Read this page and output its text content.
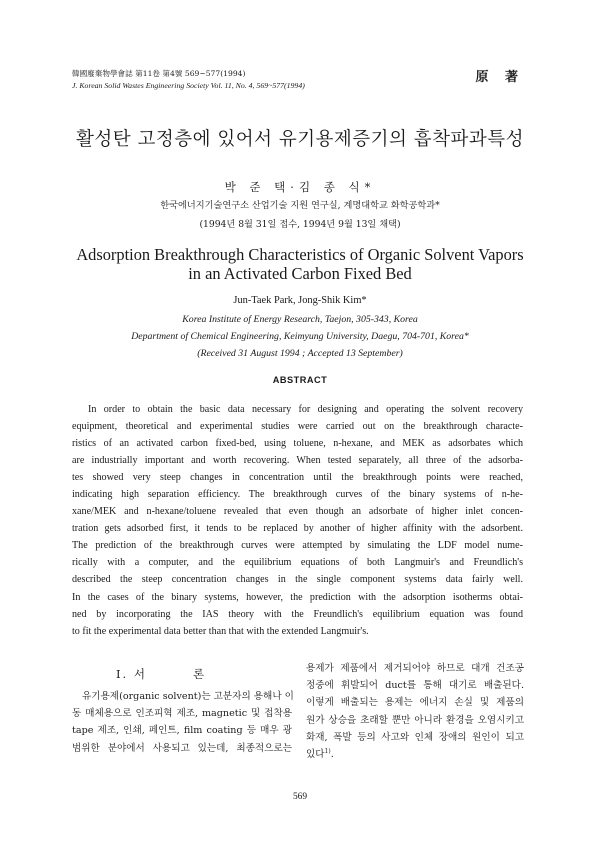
韓國廢棄物學會誌 第11卷 第4號 569~577(1994)
J. Korean Solid Wastes Engineering Society Vol. 11, No. 4, 569~577(1994)
原 著
활성탄 고정층에 있어서 유기용제증기의 흡착파과특성
박 준 택·김 종 식*
한국에너지기술연구소 산업기술 지원 연구실, 계명대학교 화학공학과*
(1994년 8월 31일 접수, 1994년 9월 13일 채택)
Adsorption Breakthrough Characteristics of Organic Solvent Vapors
in an Activated Carbon Fixed Bed
Jun-Taek Park, Jong-Shik Kim*
Korea Institute of Energy Research, Taejon, 305-343, Korea
Department of Chemical Engineering, Keimyung University, Daegu, 704-701, Korea*
(Received 31 August 1994 ; Accepted 13 September)
ABSTRACT
In order to obtain the basic data necessary for designing and operating the solvent recovery
equipment, theoretical and experimental studies were carried out on the breakthrough characte-
ristics of an activated carbon fixed-bed, using toluene, n-hexane, and MEK as adsorbates which
are industrially important and worth recovering. When tested separately, all three of the adsorba-
tes showed very steep changes in concentration until the breakthrough points were reached,
indicating high separation efficiency. The breakthrough curves of the binary systems of n-he-
xane/MEK and n-hexane/toluene revealed that even though an adsorbate of higher inlet concen-
tration gets adsorbed first, it tends to be replaced by another of higher affinity with the adsorbent.
The prediction of the breakthrough curves were attempted by simulating the LDF model nume-
rically with a computer, and the equilibrium equations of both Langmuir's and Freundlich's
described the steep concentration changes in the single component systems data fairly well.
In the cases of the binary systems, however, the prediction with the adsorption isotherms obtai-
ned by incorporating the IAS theory with the Freundlich's equilibrium equation was found
to fit the experimental data better than that with the extended Langmuir's.
I. 서	론
유기용제(organic solvent)는 고분자의 용해나 이
동 매체용으로 인조피혁 제조, magnetic 및 접착용
tape 제조, 인쇄, 페인트, film coating 등 매우 광
범위한 분야에서 사용되고 있는데, 최종적으로는
용제가 제품에서 제거되어야 하므로 대개 건조공
정중에 휘발되어 duct를 통해 대기로 배출된다.
이렇게 배출되는 용제는 에너지 손실 및 제품의
원가 상승을 초래할 뿐만 아니라 환경을 오염시키고
화재, 폭발 등의 사고와 인체 장애의 원인이 되고
있다$^{1)}$.
569
